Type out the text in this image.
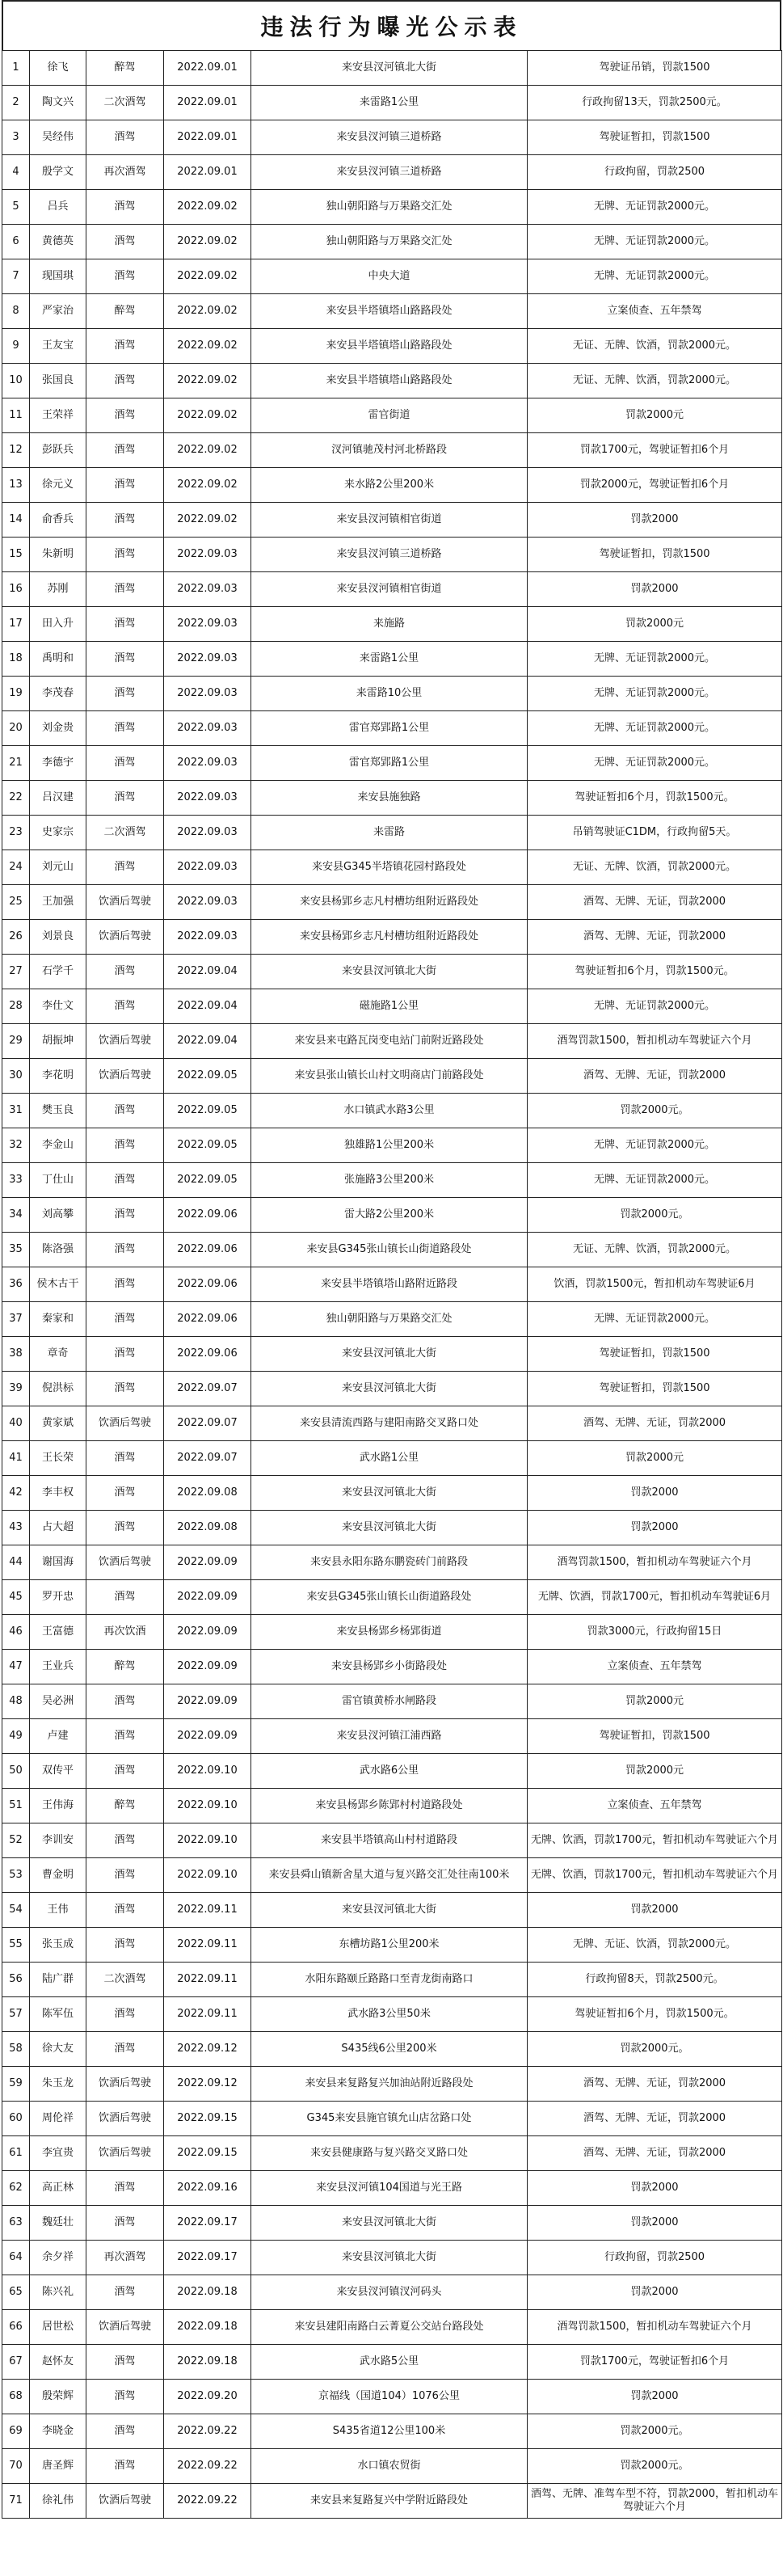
违法行为曝光公示表
1	徐飞	醉驾	2022.09.01	来安县汊河镇北大街	驾驶证吊销，罚款1500
2	陶文兴	二次酒驾	2022.09.01	来雷路1公里	行政拘留13天，罚款2500元。
3	吴经伟	酒驾	2022.09.01	来安县汊河镇三道桥路	驾驶证暂扣，罚款1500
4	殷学文	再次酒驾	2022.09.01	来安县汊河镇三道桥路	行政拘留，罚款2500
5	吕兵	酒驾	2022.09.02	独山朝阳路与万果路交汇处	无牌、无证罚款2000元。
6	黄德英	酒驾	2022.09.02	独山朝阳路与万果路交汇处	无牌、无证罚款2000元。
7	现国琪	酒驾	2022.09.02	中央大道	无牌、无证罚款2000元。
8	严家治	醉驾	2022.09.02	来安县半塔镇塔山路路段处	立案侦查、五年禁驾
9	王友宝	酒驾	2022.09.02	来安县半塔镇塔山路路段处	无证、无牌、饮酒，罚款2000元。
10	张国良	酒驾	2022.09.02	来安县半塔镇塔山路路段处	无证、无牌、饮酒，罚款2000元。
11	王荣祥	酒驾	2022.09.02	雷官街道	罚款2000元
12	彭跃兵	酒驾	2022.09.02	汊河镇驰茂村河北桥路段	罚款1700元，驾驶证暂扣6个月
13	徐元义	酒驾	2022.09.02	来水路2公里200米	罚款2000元，驾驶证暂扣6个月
14	俞香兵	酒驾	2022.09.02	来安县汊河镇相官街道	罚款2000
15	朱新明	酒驾	2022.09.03	来安县汊河镇三道桥路	驾驶证暂扣，罚款1500
16	苏刚	酒驾	2022.09.03	来安县汊河镇相官街道	罚款2000
17	田入升	酒驾	2022.09.03	来施路	罚款2000元
18	禹明和	酒驾	2022.09.03	来雷路1公里	无牌、无证罚款2000元。
19	李茂春	酒驾	2022.09.03	来雷路10公里	无牌、无证罚款2000元。
20	刘金贵	酒驾	2022.09.03	雷官郑郢路1公里	无牌、无证罚款2000元。
21	李德宇	酒驾	2022.09.03	雷官郑郢路1公里	无牌、无证罚款2000元。
22	吕汉建	酒驾	2022.09.03	来安县施独路	驾驶证暂扣6个月，罚款1500元。
23	史家宗	二次酒驾	2022.09.03	来雷路	吊销驾驶证C1DM，行政拘留5天。
24	刘元山	酒驾	2022.09.03	来安县G345半塔镇花园村路段处	无证、无牌、饮酒，罚款2000元。
25	王加强	饮酒后驾驶	2022.09.03	来安县杨郢乡志凡村槽坊组附近路段处	酒驾、无牌、无证，罚款2000
26	刘景良	饮酒后驾驶	2022.09.03	来安县杨郢乡志凡村槽坊组附近路段处	酒驾、无牌、无证，罚款2000
27	石学千	酒驾	2022.09.04	来安县汊河镇北大街	驾驶证暂扣6个月，罚款1500元。
28	李仕文	酒驾	2022.09.04	磁施路1公里	无牌、无证罚款2000元。
29	胡振坤	饮酒后驾驶	2022.09.04	来安县来屯路瓦岗变电站门前附近路段处	酒驾罚款1500，暂扣机动车驾驶证六个月
30	李花明	饮酒后驾驶	2022.09.05	来安县张山镇长山村文明商店门前路段处	酒驾、无牌、无证，罚款2000
31	樊玉良	酒驾	2022.09.05	水口镇武水路3公里	罚款2000元。
32	李金山	酒驾	2022.09.05	独雄路1公里200米	无牌、无证罚款2000元。
33	丁仕山	酒驾	2022.09.05	张施路3公里200米	无牌、无证罚款2000元。
34	刘高攀	酒驾	2022.09.06	雷大路2公里200米	罚款2000元。
35	陈洛强	酒驾	2022.09.06	来安县G345张山镇长山街道路段处	无证、无牌、饮酒，罚款2000元。
36	侯木古干	酒驾	2022.09.06	来安县半塔镇塔山路附近路段	饮酒，罚款1500元，暂扣机动车驾驶证6月
37	秦家和	酒驾	2022.09.06	独山朝阳路与万果路交汇处	无牌、无证罚款2000元。
38	章奇	酒驾	2022.09.06	来安县汊河镇北大街	驾驶证暂扣，罚款1500
39	倪洪标	酒驾	2022.09.07	来安县汊河镇北大街	驾驶证暂扣，罚款1500
40	黄家斌	饮酒后驾驶	2022.09.07	来安县清流西路与建阳南路交叉路口处	酒驾、无牌、无证，罚款2000
41	王长荣	酒驾	2022.09.07	武水路1公里	罚款2000元
42	李丰权	酒驾	2022.09.08	来安县汊河镇北大街	罚款2000
43	占大超	酒驾	2022.09.08	来安县汊河镇北大街	罚款2000
44	谢国海	饮酒后驾驶	2022.09.09	来安县永阳东路东鹏瓷砖门前路段	酒驾罚款1500，暂扣机动车驾驶证六个月
45	罗开忠	酒驾	2022.09.09	来安县G345张山镇长山街道路段处	无牌、饮酒，罚款1700元，暂扣机动车驾驶证6月
46	王富德	再次饮酒	2022.09.09	来安县杨郢乡杨郢街道	罚款3000元，行政拘留15日
47	王业兵	醉驾	2022.09.09	来安县杨郢乡小街路段处	立案侦查、五年禁驾
48	吴必洲	酒驾	2022.09.09	雷官镇黄桥水闸路段	罚款2000元
49	卢建	酒驾	2022.09.09	来安县汊河镇江浦西路	驾驶证暂扣，罚款1500
50	双传平	酒驾	2022.09.10	武水路6公里	罚款2000元
51	王伟海	醉驾	2022.09.10	来安县杨郢乡陈郢村村道路段处	立案侦查、五年禁驾
52	李训安	酒驾	2022.09.10	来安县半塔镇高山村村道路段	无牌、饮酒，罚款1700元，暂扣机动车驾驶证六个月
53	曹金明	酒驾	2022.09.10	来安县舜山镇新舍星大道与复兴路交汇处往南100米	无牌、饮酒，罚款1700元，暂扣机动车驾驶证六个月
54	王伟	酒驾	2022.09.11	来安县汊河镇北大街	罚款2000
55	张玉成	酒驾	2022.09.11	东槽坊路1公里200米	无牌、无证、饮酒，罚款2000元。
56	陆广群	二次酒驾	2022.09.11	水阳东路颐丘路路口至青龙街南路口	行政拘留8天，罚款2500元。
57	陈军伍	酒驾	2022.09.11	武水路3公里50米	驾驶证暂扣6个月，罚款1500元。
58	徐大友	酒驾	2022.09.12	S435线6公里200米	罚款2000元。
59	朱玉龙	饮酒后驾驶	2022.09.12	来安县来复路复兴加油站附近路段处	酒驾、无牌、无证，罚款2000
60	周伦祥	饮酒后驾驶	2022.09.15	G345来安县施官镇允山店岔路口处	酒驾、无牌、无证，罚款2000
61	李宜贵	饮酒后驾驶	2022.09.15	来安县健康路与复兴路交叉路口处	酒驾、无牌、无证，罚款2000
62	高正林	酒驾	2022.09.16	来安县汊河镇104国道与光王路	罚款2000
63	魏廷壮	酒驾	2022.09.17	来安县汊河镇北大街	罚款2000
64	余夕祥	再次酒驾	2022.09.17	来安县汊河镇北大街	行政拘留，罚款2500
65	陈兴礼	酒驾	2022.09.18	来安县汊河镇汊河码头	罚款2000
66	居世松	饮酒后驾驶	2022.09.18	来安县建阳南路白云菁夏公交站台路段处	酒驾罚款1500，暂扣机动车驾驶证六个月
67	赵怀友	酒驾	2022.09.18	武水路5公里	罚款1700元，驾驶证暂扣6个月
68	殷荣辉	酒驾	2022.09.20	京福线（国道104）1076公里	罚款2000
69	李晓金	酒驾	2022.09.22	S435省道12公里100米	罚款2000元。
70	唐圣辉	酒驾	2022.09.22	水口镇农贸街	罚款2000元。
71	徐礼伟	饮酒后驾驶	2022.09.22	来安县来复路复兴中学附近路段处	酒驾、无牌、准驾车型不符，罚款2000，暂扣机动车驾驶证六个月
